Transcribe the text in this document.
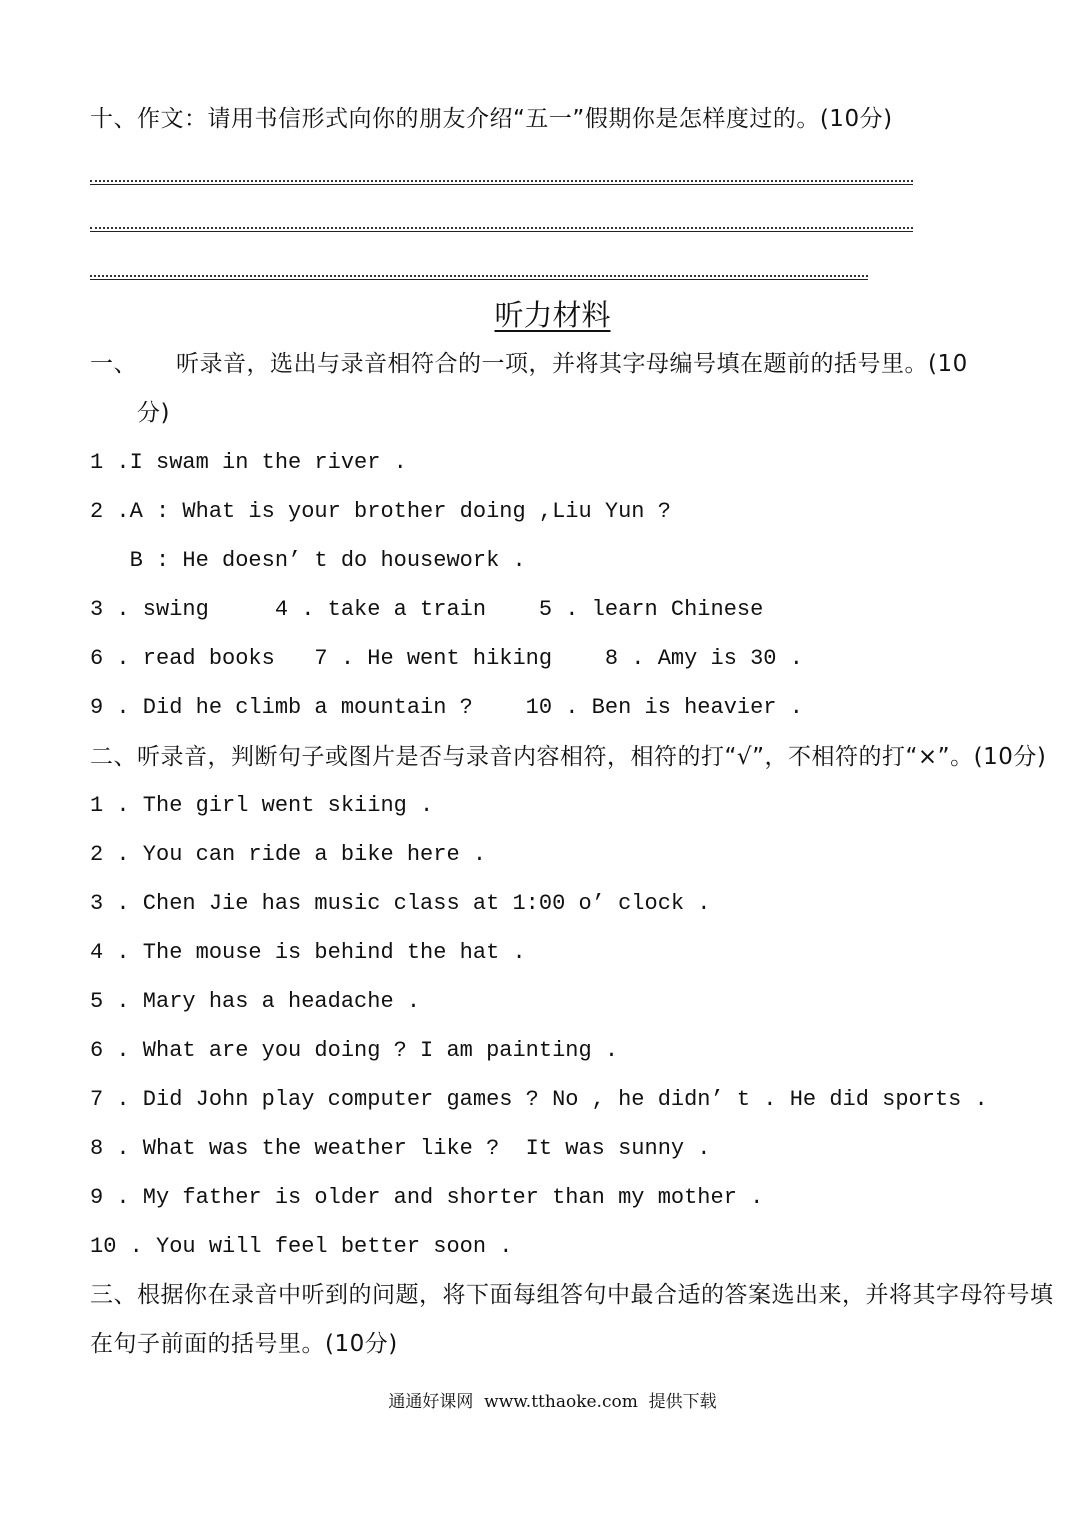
十、作文：请用书信形式向你的朋友介绍“五一”假期你是怎样度过的。(10分)
听力材料
一、 听录音，选出与录音相符合的一项，并将其字母编号填在题前的括号里。(10
分)
1 .I swam in the river .
2 .A : What is your brother doing ,Liu Yun ?
B : He doesn’ t do housework .
3 . swing     4 . take a train    5 . learn Chinese
6 . read books   7 . He went hiking    8 . Amy is 30 .
9 . Did he climb a mountain ?    10 . Ben is heavier .
二、听录音，判断句子或图片是否与录音内容相符，相符的打“√”，不相符的打“×”。(10分)
1 . The girl went skiing .
2 . You can ride a bike here .
3 . Chen Jie has music class at 1:00 o’ clock .
4 . The mouse is behind the hat .
5 . Mary has a headache .
6 . What are you doing ? I am painting .
7 . Did John play computer games ? No , he didn’ t . He did sports .
8 . What was the weather like ?  It was sunny .
9 . My father is older and shorter than my mother .
10 . You will feel better soon .
三、根据你在录音中听到的问题，将下面每组答句中最合适的答案选出来，并将其字母符号填
在句子前面的括号里。(10分)
通通好课网  www.tthaoke.com  提供下载
